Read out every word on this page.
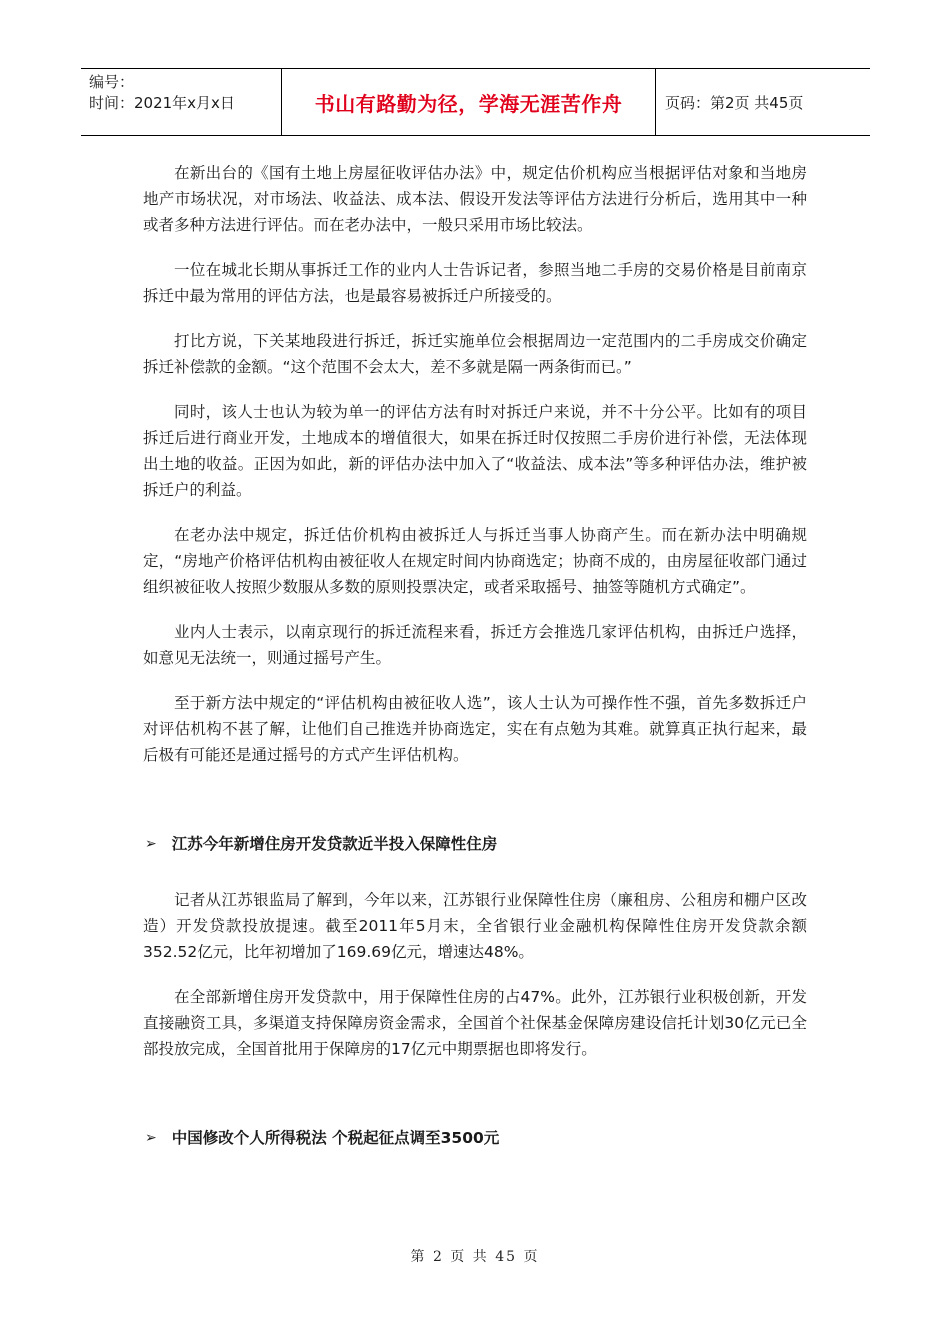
编号：
时间：2021年x月x日	书山有路勤为径，学海无涯苦作舟	页码：第2页 共45页

在新出台的《国有土地上房屋征收评估办法》中，规定估价机构应当根据评估对象和当地房地产市场状况，对市场法、收益法、成本法、假设开发法等评估方法进行分析后，选用其中一种或者多种方法进行评估。而在老办法中，一般只采用市场比较法。

一位在城北长期从事拆迁工作的业内人士告诉记者，参照当地二手房的交易价格是目前南京拆迁中最为常用的评估方法，也是最容易被拆迁户所接受的。

打比方说，下关某地段进行拆迁，拆迁实施单位会根据周边一定范围内的二手房成交价确定拆迁补偿款的金额。“这个范围不会太大，差不多就是隔一两条街而已。”

同时，该人士也认为较为单一的评估方法有时对拆迁户来说，并不十分公平。比如有的项目拆迁后进行商业开发，土地成本的增值很大，如果在拆迁时仅按照二手房价进行补偿，无法体现出土地的收益。正因为如此，新的评估办法中加入了“收益法、成本法”等多种评估办法，维护被拆迁户的利益。

在老办法中规定，拆迁估价机构由被拆迁人与拆迁当事人协商产生。而在新办法中明确规定，“房地产价格评估机构由被征收人在规定时间内协商选定；协商不成的，由房屋征收部门通过组织被征收人按照少数服从多数的原则投票决定，或者采取摇号、抽签等随机方式确定”。

业内人士表示，以南京现行的拆迁流程来看，拆迁方会推选几家评估机构，由拆迁户选择，如意见无法统一，则通过摇号产生。

至于新方法中规定的“评估机构由被征收人选”，该人士认为可操作性不强，首先多数拆迁户对评估机构不甚了解，让他们自己推选并协商选定，实在有点勉为其难。就算真正执行起来，最后极有可能还是通过摇号的方式产生评估机构。

➢ 江苏今年新增住房开发贷款近半投入保障性住房

记者从江苏银监局了解到，今年以来，江苏银行业保障性住房（廉租房、公租房和棚户区改造）开发贷款投放提速。截至2011年5月末，全省银行业金融机构保障性住房开发贷款余额352.52亿元，比年初增加了169.69亿元，增速达48%。

在全部新增住房开发贷款中，用于保障性住房的占47%。此外，江苏银行业积极创新，开发直接融资工具，多渠道支持保障房资金需求，全国首个社保基金保障房建设信托计划30亿元已全部投放完成，全国首批用于保障房的17亿元中期票据也即将发行。

➢ 中国修改个人所得税法 个税起征点调至3500元
第 2 页 共 45 页
